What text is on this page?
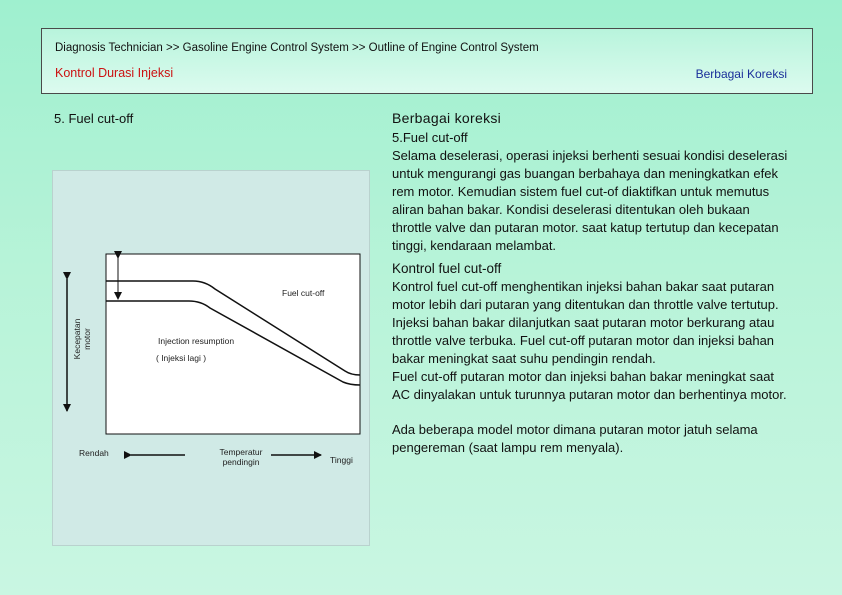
Diagnosis Technician >> Gasoline Engine Control System >> Outline of Engine Control System
Kontrol Durasi Injeksi	Berbagai Koreksi
5. Fuel cut-off
Fuel cut-off
Injection resumption
( Injeksi lagi )
Kecepatan motor
Rendah	Temperatur
pendingin	Tinggi
Berbagai koreksi
5.Fuel cut-off

Selama deselerasi, operasi injeksi berhenti sesuai kondisi deselerasi untuk mengurangi gas buangan berbahaya dan meningkatkan efek rem motor. Kemudian sistem fuel cut-of diaktifkan untuk memutus aliran bahan bakar. Kondisi deselerasi ditentukan oleh bukaan throttle valve dan putaran motor. saat katup tertutup dan kecepatan tinggi, kendaraan melambat.

Kontrol fuel cut-off

Kontrol fuel cut-off menghentikan injeksi bahan bakar saat putaran motor lebih dari putaran yang ditentukan dan throttle valve tertutup. Injeksi bahan bakar dilanjutkan saat putaran motor berkurang atau throttle valve terbuka. Fuel cut-off putaran motor dan injeksi bahan bakar meningkat saat suhu pendingin rendah.

Fuel cut-off putaran motor dan injeksi bahan bakar meningkat saat AC dinyalakan untuk turunnya putaran motor dan berhentinya motor.

Ada beberapa model motor dimana putaran motor jatuh selama pengereman (saat lampu rem menyala).
